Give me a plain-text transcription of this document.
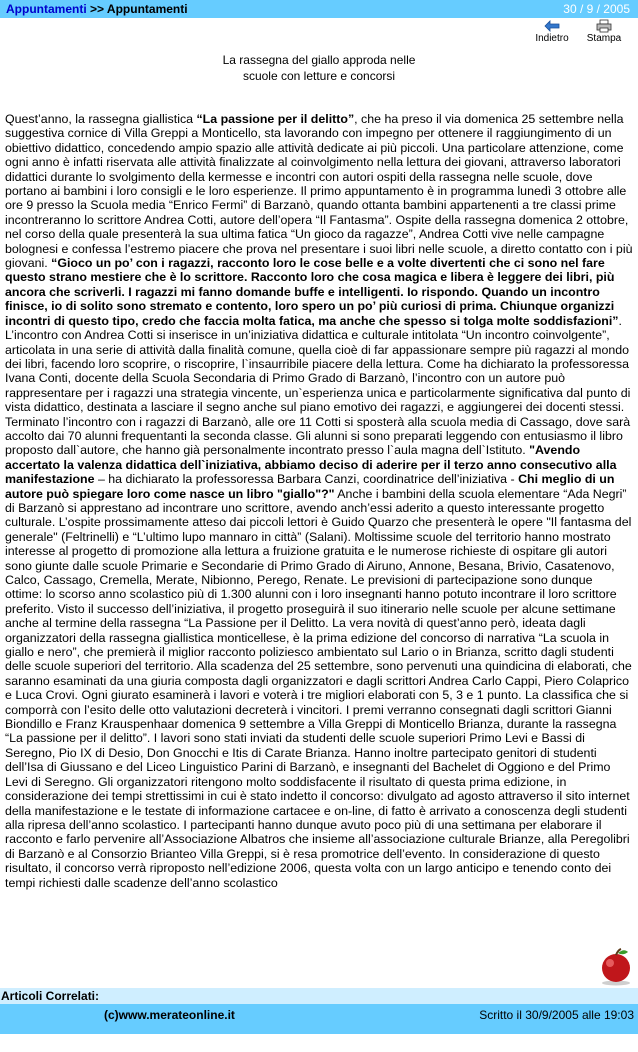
Appuntamenti >> Appuntamenti	30 / 9 / 2005
Indietro	Stampa
La rassegna del giallo approda nelle
scuole con letture e concorsi
Quest’anno, la rassegna giallistica “La passione per il delitto”, che ha preso il via domenica 25 settembre nella suggestiva cornice di Villa Greppi a Monticello, sta lavorando con impegno per ottenere il raggiungimento di un obiettivo didattico, concedendo ampio spazio alle attività dedicate ai più piccoli. Una particolare attenzione, come ogni anno è infatti riservata alle attività finalizzate al coinvolgimento nella lettura dei giovani, attraverso laboratori didattici durante lo svolgimento della kermesse e incontri con autori ospiti della rassegna nelle scuole, dove portano ai bambini i loro consigli e le loro esperienze. Il primo appuntamento è in programma lunedì 3 ottobre alle ore 9 presso la Scuola media “Enrico Fermi” di Barzanò, quando ottanta bambini appartenenti a tre classi prime incontreranno lo scrittore Andrea Cotti, autore dell’opera “Il Fantasma”. Ospite della rassegna domenica 2 ottobre, nel corso della quale presenterà la sua ultima fatica “Un gioco da ragazze”, Andrea Cotti vive nelle campagne bolognesi e confessa l’estremo piacere che prova nel presentare i suoi libri nelle scuole, a diretto contatto con i più giovani. “Gioco un po’ con i ragazzi, racconto loro le cose belle e a volte divertenti che ci sono nel fare questo strano mestiere che è lo scrittore. Racconto loro che cosa magica e libera è leggere dei libri, più ancora che scriverli. I ragazzi mi fanno domande buffe e intelligenti. Io rispondo. Quando un incontro finisce, io di solito sono stremato e contento, loro spero un po’ più curiosi di prima. Chiunque organizzi incontri di questo tipo, credo che faccia molta fatica, ma anche che spesso si tolga molte soddisfazioni”. L’incontro con Andrea Cotti si inserisce in un’iniziativa didattica e culturale intitolata “Un incontro coinvolgente”, articolata in una serie di attività dalla finalità comune, quella cioè di far appassionare sempre più ragazzi al mondo dei libri, facendo loro scoprire, o riscoprire, l`insaurribile piacere della lettura. Come ha dichiarato la professoressa Ivana Conti, docente della Scuola Secondaria di Primo Grado di Barzanò, l’incontro con un autore può rappresentare per i ragazzi una strategia vincente, un`esperienza unica e particolarmente significativa dal punto di vista didattico, destinata a lasciare il segno anche sul piano emotivo dei ragazzi, e aggiungerei dei docenti stessi. Terminato l’incontro con i ragazzi di Barzanò, alle ore 11 Cotti si sposterà alla scuola media di Cassago, dove sarà accolto dai 70 alunni frequentanti la seconda classe. Gli alunni si sono preparati leggendo con entusiasmo il libro proposto dall`autore, che hanno già personalmente incontrato presso l`aula magna dell`Istituto. "Avendo accertato la valenza didattica dell`iniziativa, abbiamo deciso di aderire per il terzo anno consecutivo alla manifestazione – ha dichiarato la professoressa Barbara Canzi, coordinatrice dell’iniziativa - Chi meglio di un autore può spiegare loro come nasce un libro "giallo"?" Anche i bambini della scuola elementare “Ada Negri” di Barzanò si apprestano ad incontrare uno scrittore, avendo anch’essi aderito a questo interessante progetto culturale. L’ospite prossimamente atteso dai piccoli lettori è Guido Quarzo che presenterà le opere "Il fantasma del generale" (Feltrinelli) e “L’ultimo lupo mannaro in città” (Salani). Moltissime scuole del territorio hanno mostrato interesse al progetto di promozione alla lettura a fruizione gratuita e le numerose richieste di ospitare gli autori sono giunte dalle scuole Primarie e Secondarie di Primo Grado di Airuno, Annone, Besana, Brivio, Casatenovo, Calco, Cassago, Cremella, Merate, Nibionno, Perego, Renate. Le previsioni di partecipazione sono dunque ottime: lo scorso anno scolastico più di 1.300 alunni con i loro insegnanti hanno potuto incontrare il loro scrittore preferito. Visto il successo dell’iniziativa, il progetto proseguirà il suo itinerario nelle scuole per alcune settimane anche al termine della rassegna “La Passione per il Delitto. La vera novità di quest’anno però, ideata dagli organizzatori della rassegna giallistica monticellese, è la prima edizione del concorso di narrativa “La scuola in giallo e nero”, che premierà il miglior racconto poliziesco ambientato sul Lario o in Brianza, scritto dagli studenti delle scuole superiori del territorio. Alla scadenza del 25 settembre, sono pervenuti una quindicina di elaborati, che saranno esaminati da una giuria composta dagli organizzatori e dagli scrittori Andrea Carlo Cappi, Piero Colaprico e Luca Crovi. Ogni giurato esaminerà i lavori e voterà i tre migliori elaborati con 5, 3 e 1 punto. La classifica che si comporrà con l’esito delle otto valutazioni decreterà i vincitori. I premi verranno consegnati dagli scrittori Gianni Biondillo e Franz Krauspenhaar domenica 9 settembre a Villa Greppi di Monticello Brianza, durante la rassegna “La passione per il delitto”. I lavori sono stati inviati da studenti delle scuole superiori Primo Levi e Bassi di Seregno, Pio IX di Desio, Don Gnocchi e Itis di Carate Brianza. Hanno inoltre partecipato genitori di studenti dell’Isa di Giussano e del Liceo Linguistico Parini di Barzanò, e insegnanti del Bachelet di Oggiono e del Primo Levi di Seregno. Gli organizzatori ritengono molto soddisfacente il risultato di questa prima edizione, in considerazione dei tempi strettissimi in cui è stato indetto il concorso: divulgato ad agosto attraverso il sito internet della manifestazione e le testate di informazione cartacee e on-line, di fatto è arrivato a conoscenza degli studenti alla ripresa dell’anno scolastico. I partecipanti hanno dunque avuto poco più di una settimana per elaborare il racconto e farlo pervenire all’Associazione Albatros che insieme all’associazione culturale Brianze, alla Peregolibri di Barzanò e al Consorzio Brianteo Villa Greppi, si è resa promotrice dell’evento. In considerazione di questo risultato, il concorso verrà riproposto nell’edizione 2006, questa volta con un largo anticipo e tenendo conto dei tempi richiesti dalle scadenze dell’anno scolastico
Articoli Correlati:
(c)www.merateonline.it	Scritto il 30/9/2005 alle 19:03
